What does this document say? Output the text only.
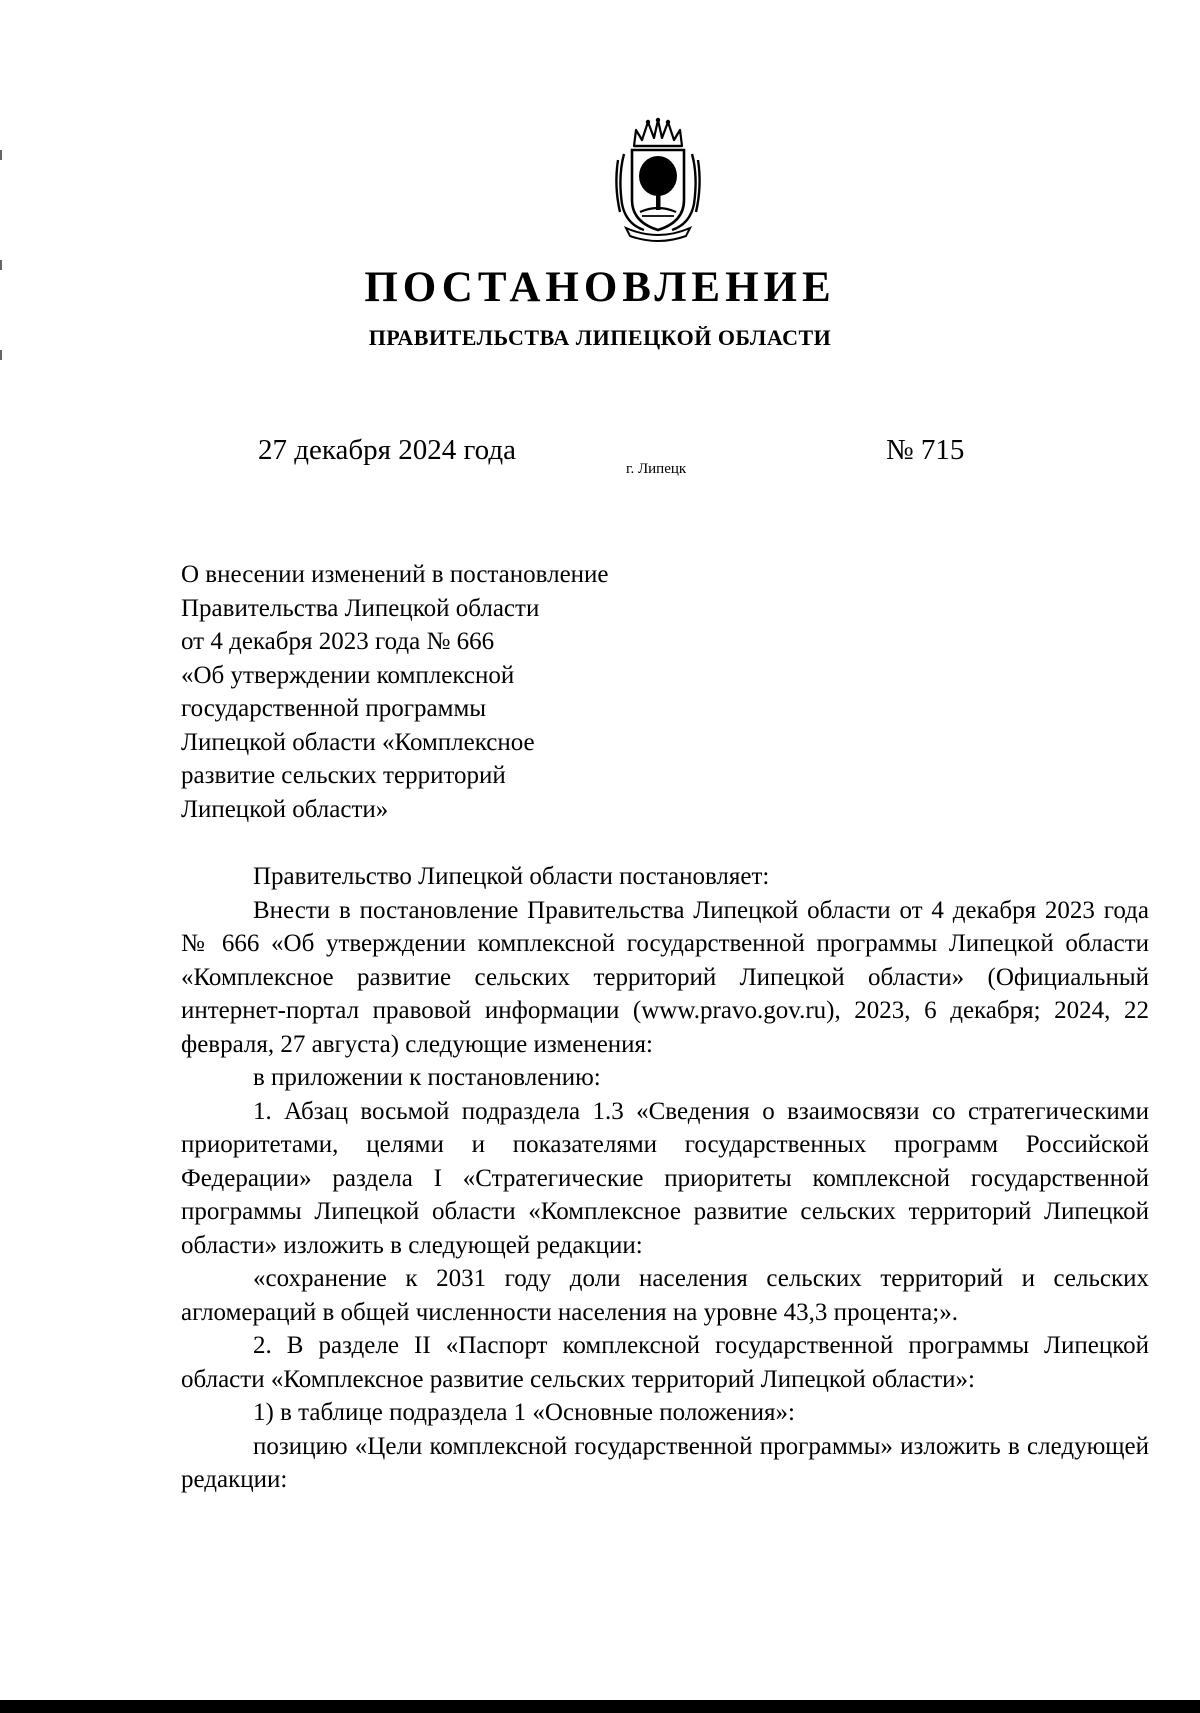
ПОСТАНОВЛЕНИЕ
ПРАВИТЕЛЬСТВА ЛИПЕЦКОЙ ОБЛАСТИ
27 декабря 2024 года
г. Липецк
№ 715
О внесении изменений в постановление
Правительства Липецкой области
от 4 декабря 2023 года № 666
«Об утверждении комплексной
государственной программы
Липецкой области «Комплексное
развитие сельских территорий
Липецкой области»

Правительство Липецкой области постановляет:

Внести в постановление Правительства Липецкой области от 4 декабря 2023 года № 666 «Об утверждении комплексной государственной программы Липецкой области «Комплексное развитие сельских территорий Липецкой области» (Официальный интернет-портал правовой информации (www.pravo.gov.ru), 2023, 6 декабря; 2024, 22 февраля, 27 августа) следующие изменения:

в приложении к постановлению:

1. Абзац восьмой подраздела 1.3 «Сведения о взаимосвязи со стратегическими приоритетами, целями и показателями государственных программ Российской Федерации» раздела I «Стратегические приоритеты комплексной государственной программы Липецкой области «Комплексное развитие сельских территорий Липецкой области» изложить в следующей редакции:

«сохранение к 2031 году доли населения сельских территорий и сельских агломераций в общей численности населения на уровне 43,3 процента;».

2. В разделе II «Паспорт комплексной государственной программы Липецкой области «Комплексное развитие сельских территорий Липецкой области»:

1) в таблице подраздела 1 «Основные положения»:

позицию «Цели комплексной государственной программы» изложить в следующей редакции:
